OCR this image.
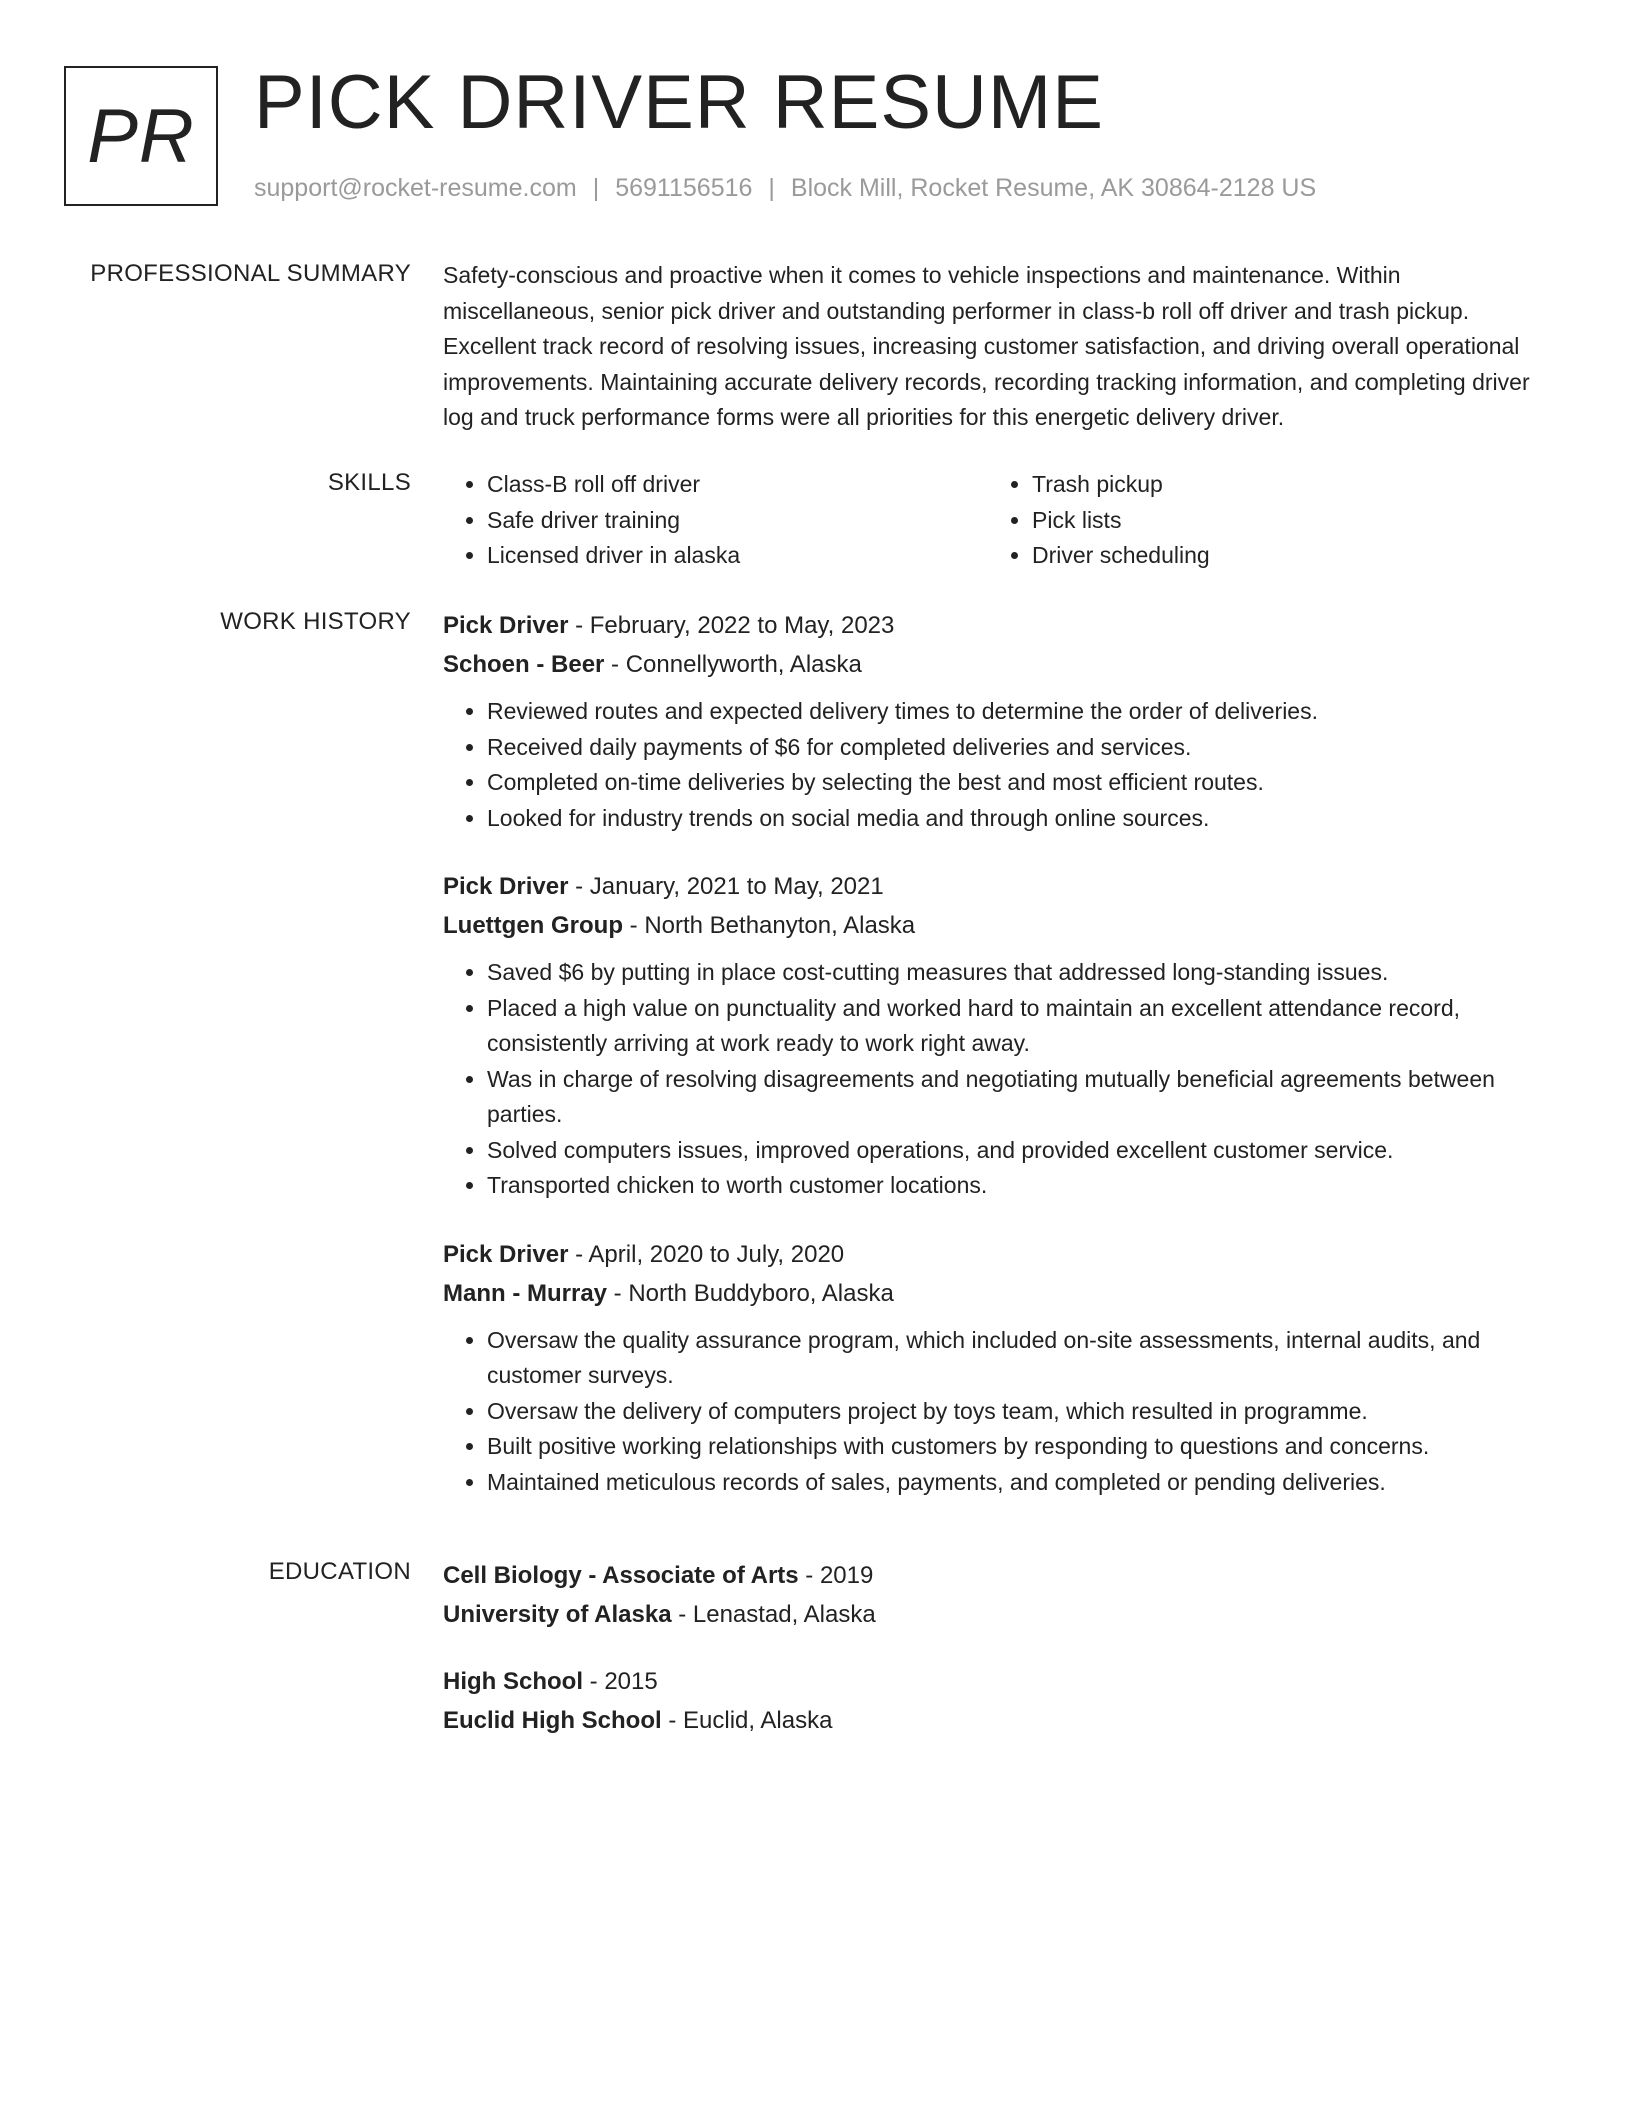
PR PICK DRIVER RESUME
support@rocket-resume.com | 5691156516 | Block Mill, Rocket Resume, AK 30864-2128 US
PROFESSIONAL SUMMARY Safety-conscious and proactive when it comes to vehicle inspections and maintenance. Within miscellaneous, senior pick driver and outstanding performer in class-b roll off driver and trash pickup. Excellent track record of resolving issues, increasing customer satisfaction, and driving overall operational improvements. Maintaining accurate delivery records, recording tracking information, and completing driver log and truck performance forms were all priorities for this energetic delivery driver.

SKILLS
•	Class-B roll off driver
• Safe driver training
• Licensed driver in alaska
• Trash pickup
• Pick lists
• Driver scheduling
WORK HISTORY Pick Driver - February, 2022 to May, 2023
Schoen - Beer - Connellyworth, Alaska
• Reviewed routes and expected delivery times to determine the order of deliveries.
• Received daily payments of $6 for completed deliveries and services.
• Completed on-time deliveries by selecting the best and most efficient routes.
• Looked for industry trends on social media and through online sources.
Pick Driver - January, 2021 to May, 2021
Luettgen Group - North Bethanyton, Alaska
• Saved $6 by putting in place cost-cutting measures that addressed long-standing issues.
• Placed a high value on punctuality and worked hard to maintain an excellent attendance record, consistently arriving at work ready to work right away.
• Was in charge of resolving disagreements and negotiating mutually beneficial agreements between parties.
• Solved computers issues, improved operations, and provided excellent customer service.
• Transported chicken to worth customer locations.
Pick Driver - April, 2020 to July, 2020
Mann - Murray - North Buddyboro, Alaska
• Oversaw the quality assurance program, which included on-site assessments, internal audits, and customer surveys.
• Oversaw the delivery of computers project by toys team, which resulted in programme.
• Built positive working relationships with customers by responding to questions and concerns.
• Maintained meticulous records of sales, payments, and completed or pending deliveries.
EDUCATION Cell Biology - Associate of Arts - 2019
University of Alaska - Lenastad, Alaska
High School - 2015
Euclid High School - Euclid, Alaska
